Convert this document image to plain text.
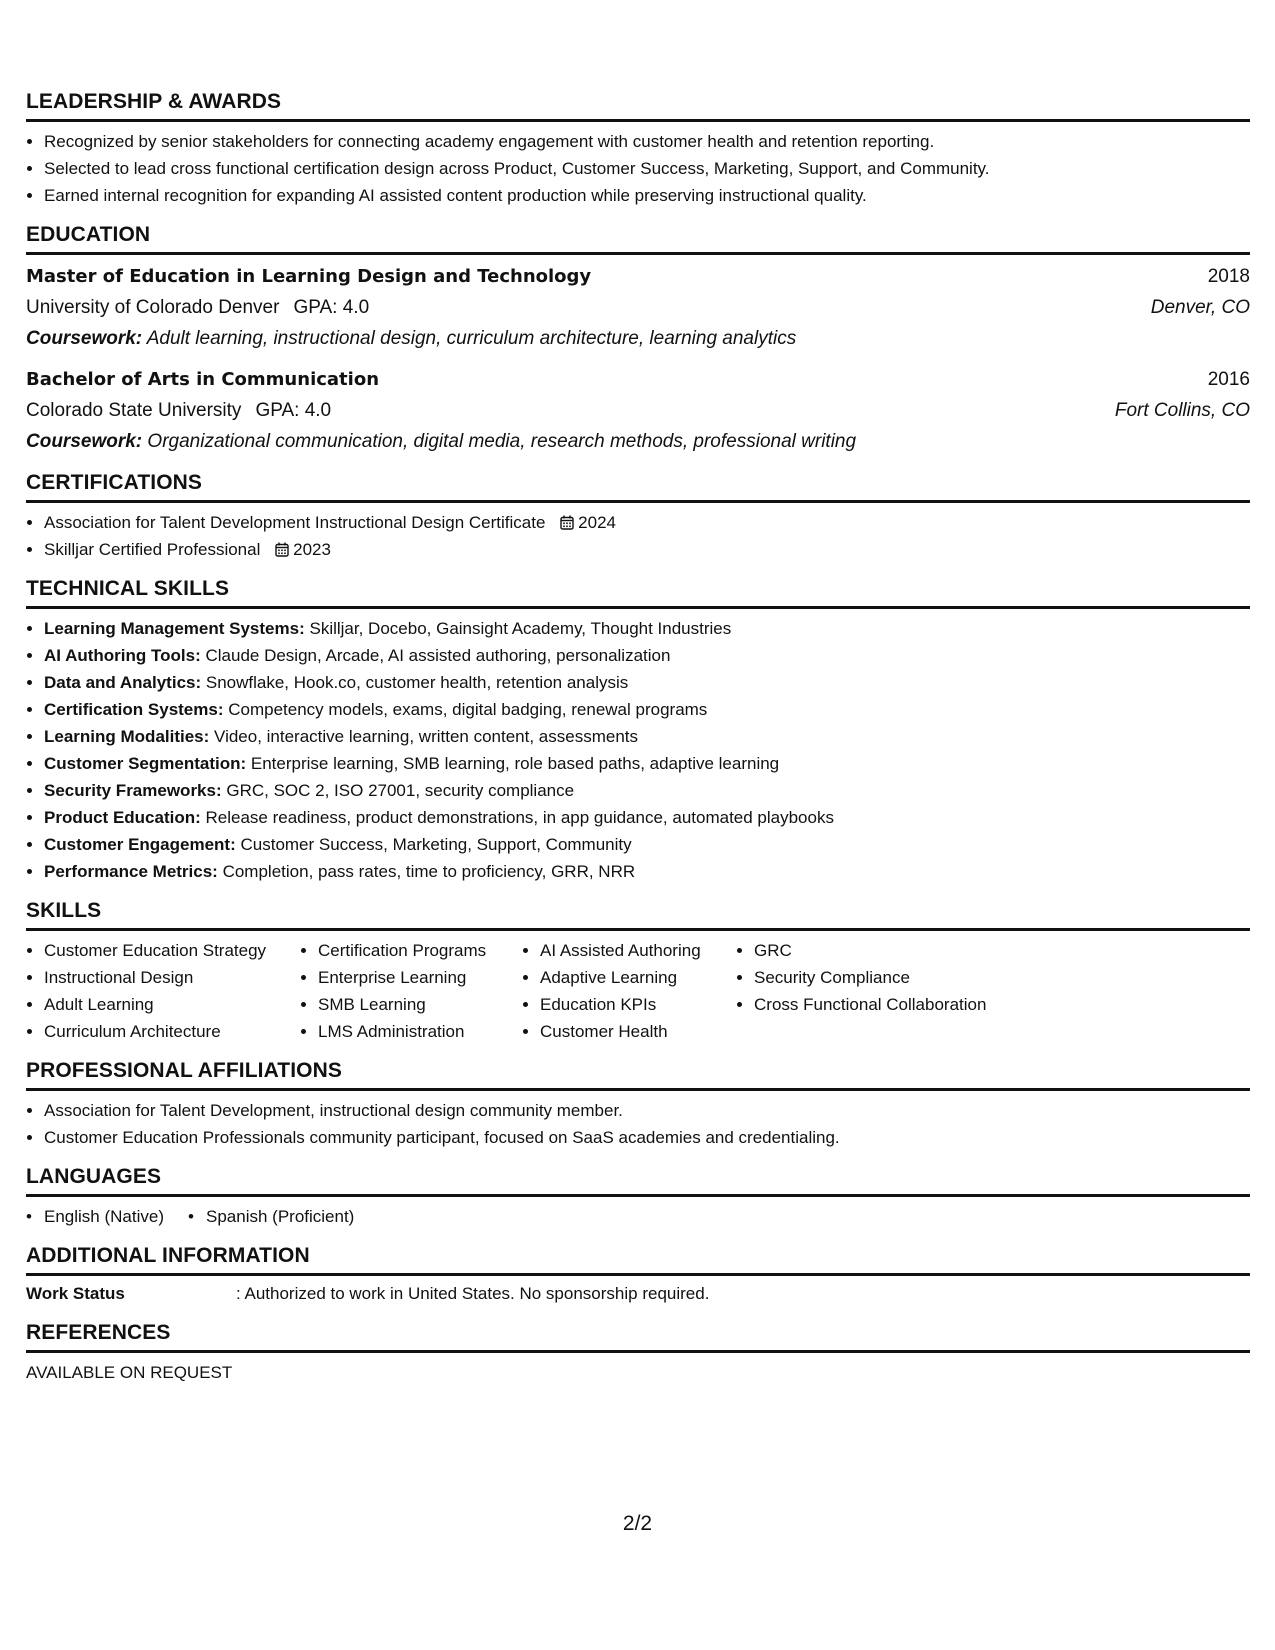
LEADERSHIP & AWARDS
• Recognized by senior stakeholders for connecting academy engagement with customer health and retention reporting.
• Selected to lead cross functional certification design across Product, Customer Success, Marketing, Support, and Community.
• Earned internal recognition for expanding AI assisted content production while preserving instructional quality.
EDUCATION
Master of Education in Learning Design and Technology	2018
University of Colorado Denver GPA: 4.0	Denver, CO
Coursework: Adult learning, instructional design, curriculum architecture, learning analytics
Bachelor of Arts in Communication	2016
Colorado State University GPA: 4.0	Fort Collins, CO
Coursework: Organizational communication, digital media, research methods, professional writing
CERTIFICATIONS
• Association for Talent Development Instructional Design Certificate 2024
• Skilljar Certified Professional 2023
TECHNICAL SKILLS
• Learning Management Systems: Skilljar, Docebo, Gainsight Academy, Thought Industries
• AI Authoring Tools: Claude Design, Arcade, AI assisted authoring, personalization
• Data and Analytics: Snowflake, Hook.co, customer health, retention analysis
• Certification Systems: Competency models, exams, digital badging, renewal programs
• Learning Modalities: Video, interactive learning, written content, assessments
• Customer Segmentation: Enterprise learning, SMB learning, role based paths, adaptive learning
• Security Frameworks: GRC, SOC 2, ISO 27001, security compliance
• Product Education: Release readiness, product demonstrations, in app guidance, automated playbooks
• Customer Engagement: Customer Success, Marketing, Support, Community
• Performance Metrics: Completion, pass rates, time to proficiency, GRR, NRR
SKILLS
• Customer Education Strategy
• Instructional Design
• Adult Learning
• Curriculum Architecture
• Certification Programs
• Enterprise Learning
• SMB Learning
• LMS Administration
• AI Assisted Authoring
• Adaptive Learning
• Education KPIs
• Customer Health
• GRC
• Security Compliance
• Cross Functional Collaboration
PROFESSIONAL AFFILIATIONS
• Association for Talent Development, instructional design community member.
• Customer Education Professionals community participant, focused on SaaS academies and credentialing.
LANGUAGES
• English (Native)
•	Spanish (Proficient)
ADDITIONAL INFORMATION
Work Status	: Authorized to work in United States. No sponsorship required.
REFERENCES
AVAILABLE ON REQUEST
2/2
